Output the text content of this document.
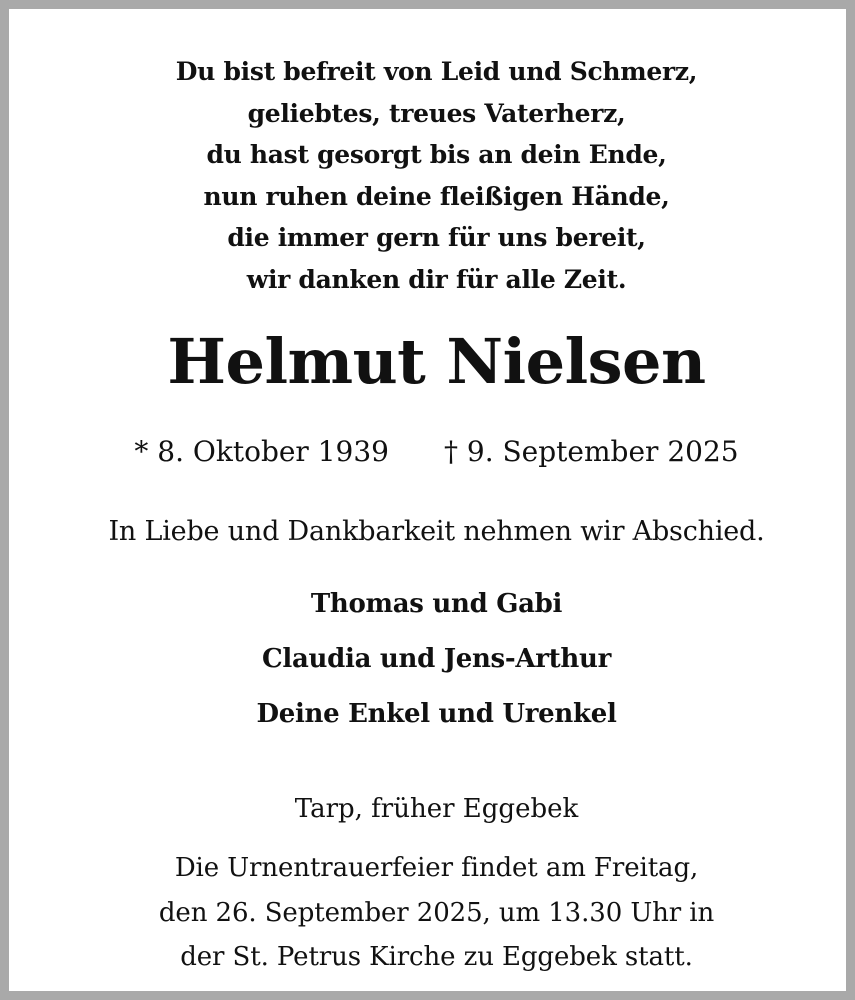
Du bist befreit von Leid und Schmerz,
geliebtes, treues Vaterherz,
du hast gesorgt bis an dein Ende,
nun ruhen deine fleißigen Hände,
die immer gern für uns bereit,
wir danken dir für alle Zeit.
Helmut Nielsen
* 8. Oktober 1939 † 9. September 2025
In Liebe und Dankbarkeit nehmen wir Abschied.
Thomas und Gabi
Claudia und Jens-Arthur
Deine Enkel und Urenkel
Tarp, früher Eggebek
Die Urnentrauerfeier findet am Freitag,
den 26. September 2025, um 13.30 Uhr in
der St. Petrus Kirche zu Eggebek statt.
